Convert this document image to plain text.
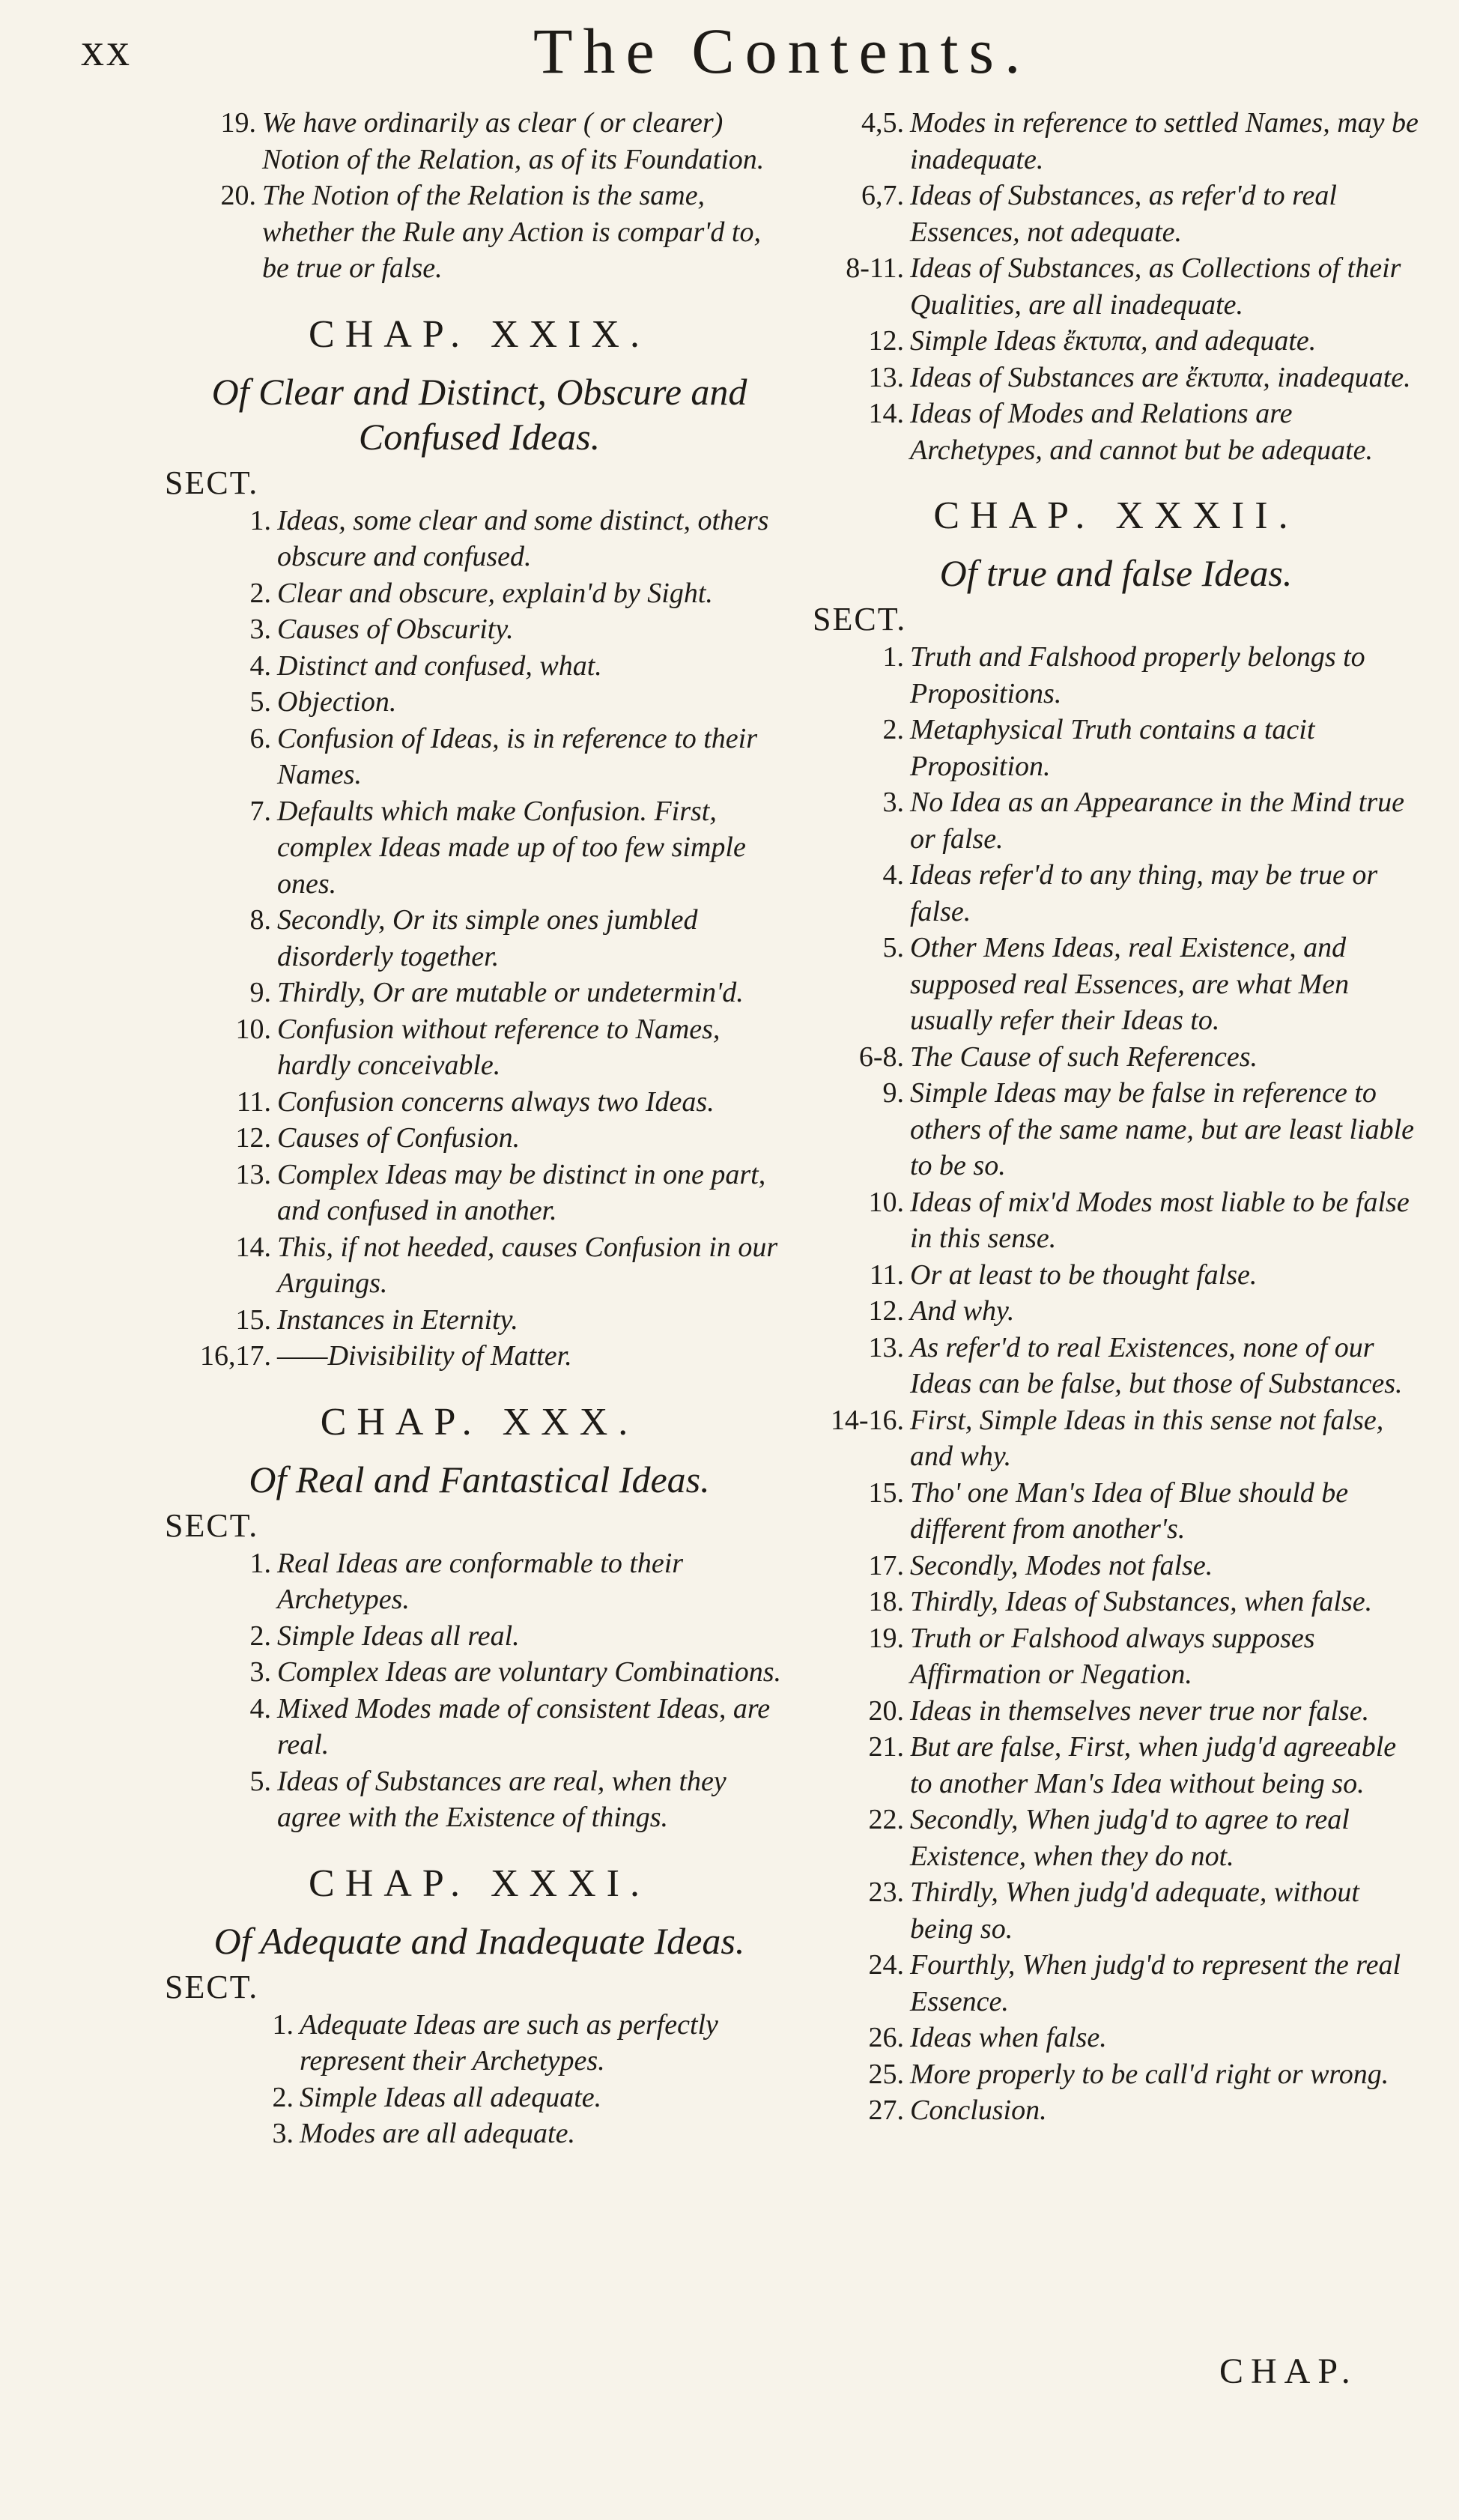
xx	The Contents.

19. We have ordinarily as clear ( or clearer) Notion of the Relation, as of its Foundation.

20. The Notion of the Relation is the same, whether the Rule any Action is compar'd to, be true or false.

CHAP. XXIX.
Of Clear and Distinct, Obscure and Confused Ideas.
SECT.

1. Ideas, some clear and some distinct, others obscure and confused.

2. Clear and obscure, explain'd by Sight.

3. Causes of Obscurity.

4. Distinct and confused, what.

5. Objection.

6. Confusion of Ideas, is in reference to their Names.

7. Defaults which make Confusion. First, complex Ideas made up of too few simple ones.

8. Secondly, Or its simple ones jumbled disorderly together.

9. Thirdly, Or are mutable or undetermin'd.

10. Confusion without reference to Names, hardly conceivable.

11. Confusion concerns always two Ideas.

12. Causes of Confusion.

13. Complex Ideas may be distinct in one part, and confused in another.

14. This, if not heeded, causes Confusion in our Arguings.

15. Instances in Eternity.

16,17. ——Divisibility of Matter.

CHAP. XXX.
Of Real and Fantastical Ideas.
SECT.

1. Real Ideas are conformable to their Archetypes.

2. Simple Ideas all real.

3. Complex Ideas are voluntary Combinations.

4. Mixed Modes made of consistent Ideas, are real.

5. Ideas of Substances are real, when they agree with the Existence of things.

CHAP. XXXI.
Of Adequate and Inadequate Ideas.
SECT.

1. Adequate Ideas are such as perfectly represent their Archetypes.

2. Simple Ideas all adequate.

3. Modes are all adequate.

4,5. Modes in reference to settled Names, may be inadequate.

6,7. Ideas of Substances, as refer'd to real Essences, not adequate.

8-11. Ideas of Substances, as Collections of their Qualities, are all inadequate.

12. Simple Ideas ἔκτυπα, and adequate.

13. Ideas of Substances are ἔκτυπα, inadequate.

14. Ideas of Modes and Relations are Archetypes, and cannot but be adequate.

CHAP. XXXII.
Of true and false Ideas.
SECT.

1. Truth and Falshood properly belongs to Propositions.

2. Metaphysical Truth contains a tacit Proposition.

3. No Idea as an Appearance in the Mind true or false.

4. Ideas refer'd to any thing, may be true or false.

5. Other Mens Ideas, real Existence, and supposed real Essences, are what Men usually refer their Ideas to.

6-8. The Cause of such References.

9. Simple Ideas may be false in reference to others of the same name, but are least liable to be so.

10. Ideas of mix'd Modes most liable to be false in this sense.

11. Or at least to be thought false.

12. And why.

13. As refer'd to real Existences, none of our Ideas can be false, but those of Substances.

14-16. First, Simple Ideas in this sense not false, and why.

15. Tho' one Man's Idea of Blue should be different from another's.

17. Secondly, Modes not false.

18. Thirdly, Ideas of Substances, when false.

19. Truth or Falshood always supposes Affirmation or Negation.

20. Ideas in themselves never true nor false.

21. But are false, First, when judg'd agreeable to another Man's Idea without being so.

22. Secondly, When judg'd to agree to real Existence, when they do not.

23. Thirdly, When judg'd adequate, without being so.

24. Fourthly, When judg'd to represent the real Essence.

26. Ideas when false.

25. More properly to be call'd right or wrong.

27. Conclusion.

CHAP.
